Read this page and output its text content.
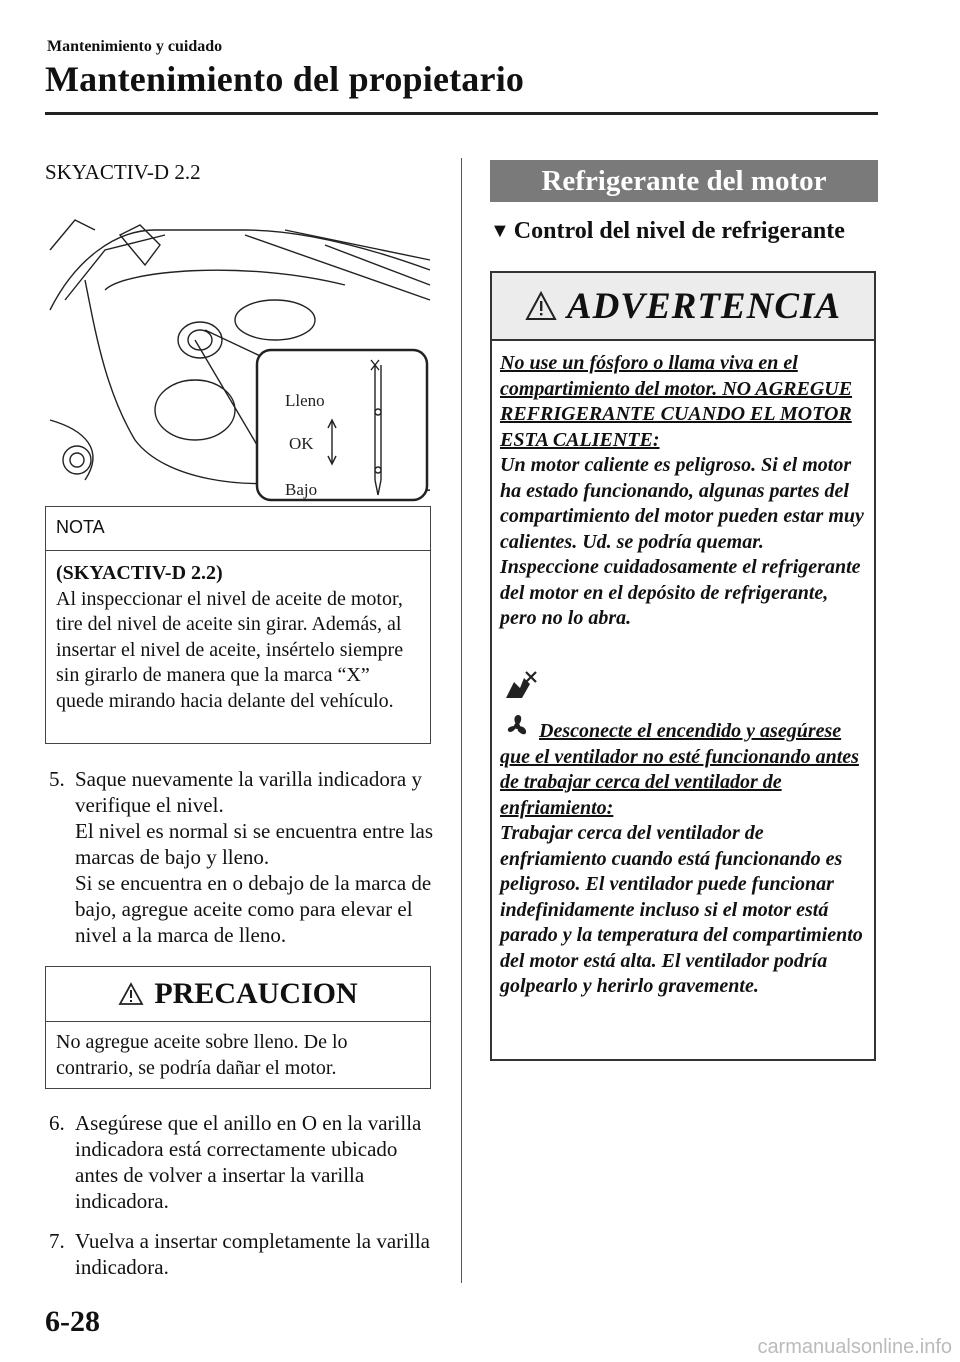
Mantenimiento y cuidado
Mantenimiento del propietario

SKYACTIV-D 2.2

Lleno
OK
Bajo
NOTA
(SKYACTIV-D 2.2)
Al inspeccionar el nivel de aceite de motor, tire del nivel de aceite sin girar. Además, al insertar el nivel de aceite, insértelo siempre sin girarlo de manera que la marca “X” quede mirando hacia delante del vehículo.
5. Saque nuevamente la varilla indicadora y verifique el nivel.
El nivel es normal si se encuentra entre las marcas de bajo y lleno.
Si se encuentra en o debajo de la marca de bajo, agregue aceite como para elevar el nivel a la marca de lleno.
PRECAUCION
No agregue aceite sobre lleno. De lo contrario, se podría dañar el motor.
6. Asegúrese que el anillo en O en la varilla indicadora está correctamente ubicado antes de volver a insertar la varilla indicadora.
7. Vuelva a insertar completamente la varilla indicadora.
Refrigerante del motor
▼ Control del nivel de refrigerante
ADVERTENCIA
No use un fósforo o llama viva en el compartimiento del motor. NO AGREGUE REFRIGERANTE CUANDO EL MOTOR ESTA CALIENTE:
Un motor caliente es peligroso. Si el motor ha estado funcionando, algunas partes del compartimiento del motor pueden estar muy calientes. Ud. se podría quemar. Inspeccione cuidadosamente el refrigerante del motor en el depósito de refrigerante, pero no lo abra.
Desconecte el encendido y asegúrese que el ventilador no esté funcionando antes de trabajar cerca del ventilador de enfriamiento:
Trabajar cerca del ventilador de enfriamiento cuando está funcionando es peligroso. El ventilador puede funcionar indefinidamente incluso si el motor está parado y la temperatura del compartimiento del motor está alta. El ventilador podría golpearlo y herirlo gravemente.
6-28
carmanualsonline.info
